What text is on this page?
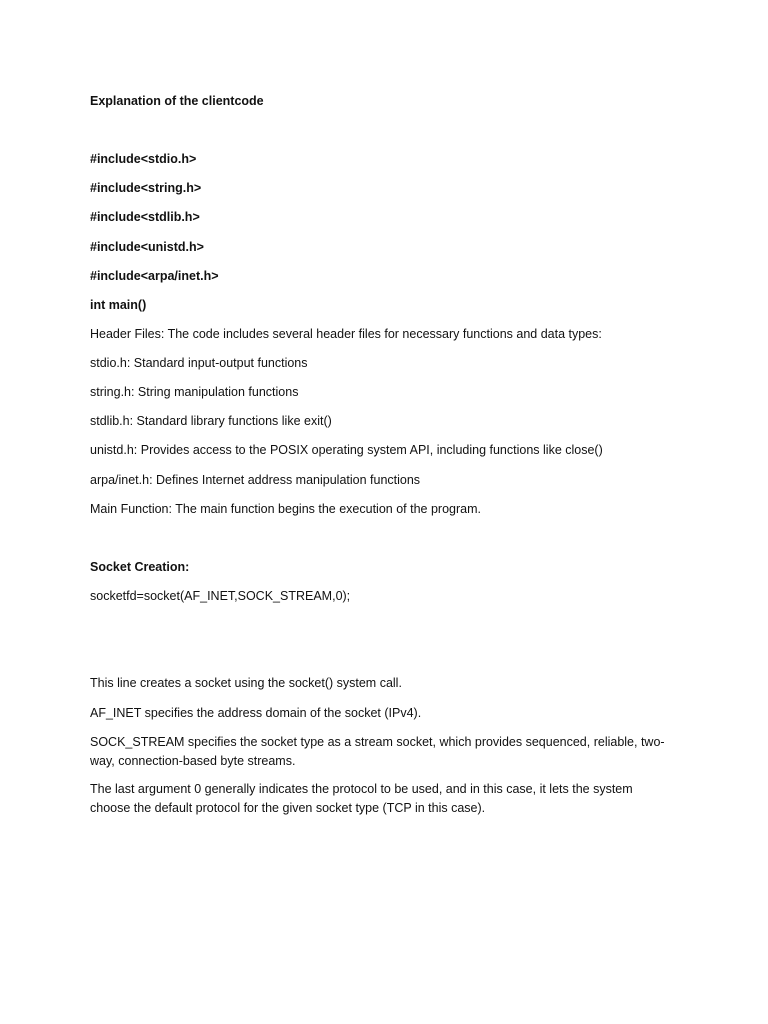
Explanation of the clientcode
#include<stdio.h>
#include<string.h>
#include<stdlib.h>
#include<unistd.h>
#include<arpa/inet.h>
int main()
Header Files: The code includes several header files for necessary functions and data types:
stdio.h: Standard input-output functions
string.h: String manipulation functions
stdlib.h: Standard library functions like exit()
unistd.h: Provides access to the POSIX operating system API, including functions like close()
arpa/inet.h: Defines Internet address manipulation functions
Main Function: The main function begins the execution of the program.
Socket Creation:
socketfd=socket(AF_INET,SOCK_STREAM,0);
This line creates a socket using the socket() system call.
AF_INET specifies the address domain of the socket (IPv4).
SOCK_STREAM specifies the socket type as a stream socket, which provides sequenced, reliable, two-way, connection-based byte streams.
The last argument 0 generally indicates the protocol to be used, and in this case, it lets the system choose the default protocol for the given socket type (TCP in this case).
